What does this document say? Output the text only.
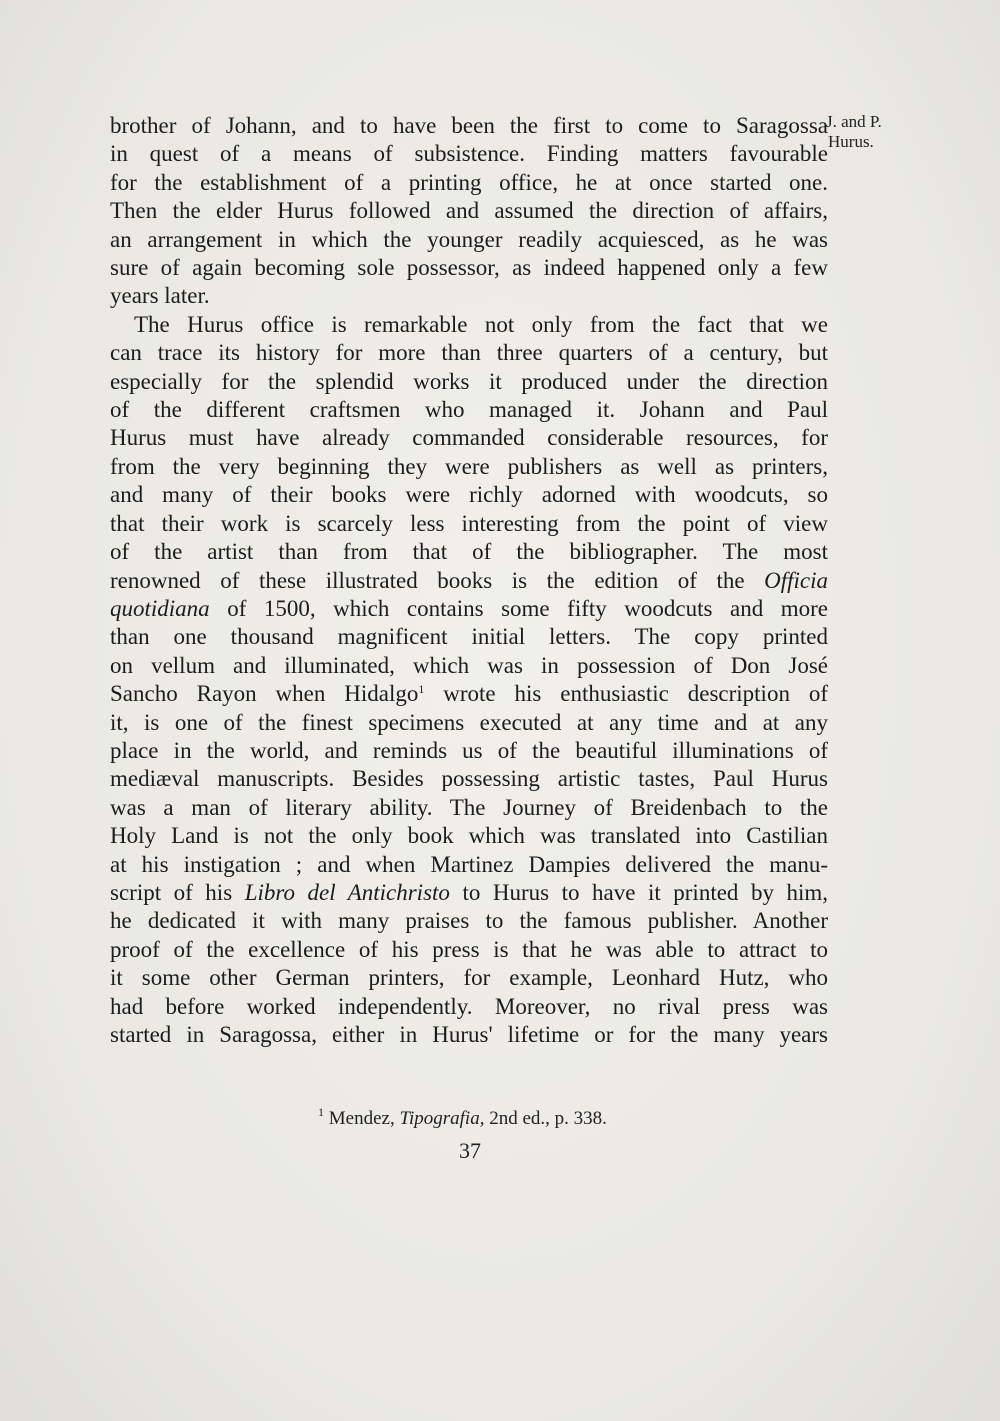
J. and P.
Hurus.
brother of Johann, and to have been the first to come to Saragossa
in quest of a means of subsistence. Finding matters favourable
for the establishment of a printing office, he at once started one.
Then the elder Hurus followed and assumed the direction of affairs,
an arrangement in which the younger readily acquiesced, as he was
sure of again becoming sole possessor, as indeed happened only a few
years later.
The Hurus office is remarkable not only from the fact that we
can trace its history for more than three quarters of a century, but
especially for the splendid works it produced under the direction
of the different craftsmen who managed it. Johann and Paul
Hurus must have already commanded considerable resources, for
from the very beginning they were publishers as well as printers,
and many of their books were richly adorned with woodcuts, so
that their work is scarcely less interesting from the point of view
of the artist than from that of the bibliographer. The most
renowned of these illustrated books is the edition of the Officia
quotidiana of 1500, which contains some fifty woodcuts and more
than one thousand magnificent initial letters. The copy printed
on vellum and illuminated, which was in possession of Don José
Sancho Rayon when Hidalgo$^1$ wrote his enthusiastic description of
it, is one of the finest specimens executed at any time and at any
place in the world, and reminds us of the beautiful illuminations of
mediæval manuscripts. Besides possessing artistic tastes, Paul Hurus
was a man of literary ability. The Journey of Breidenbach to the
Holy Land is not the only book which was translated into Castilian
at his instigation ; and when Martinez Dampies delivered the manu-
script of his Libro del Antichristo to Hurus to have it printed by him,
he dedicated it with many praises to the famous publisher. Another
proof of the excellence of his press is that he was able to attract to
it some other German printers, for example, Leonhard Hutz, who
had before worked independently. Moreover, no rival press was
started in Saragossa, either in Hurus' lifetime or for the many years
$^1$ Mendez, Tipografia, 2nd ed., p. 338.
37
